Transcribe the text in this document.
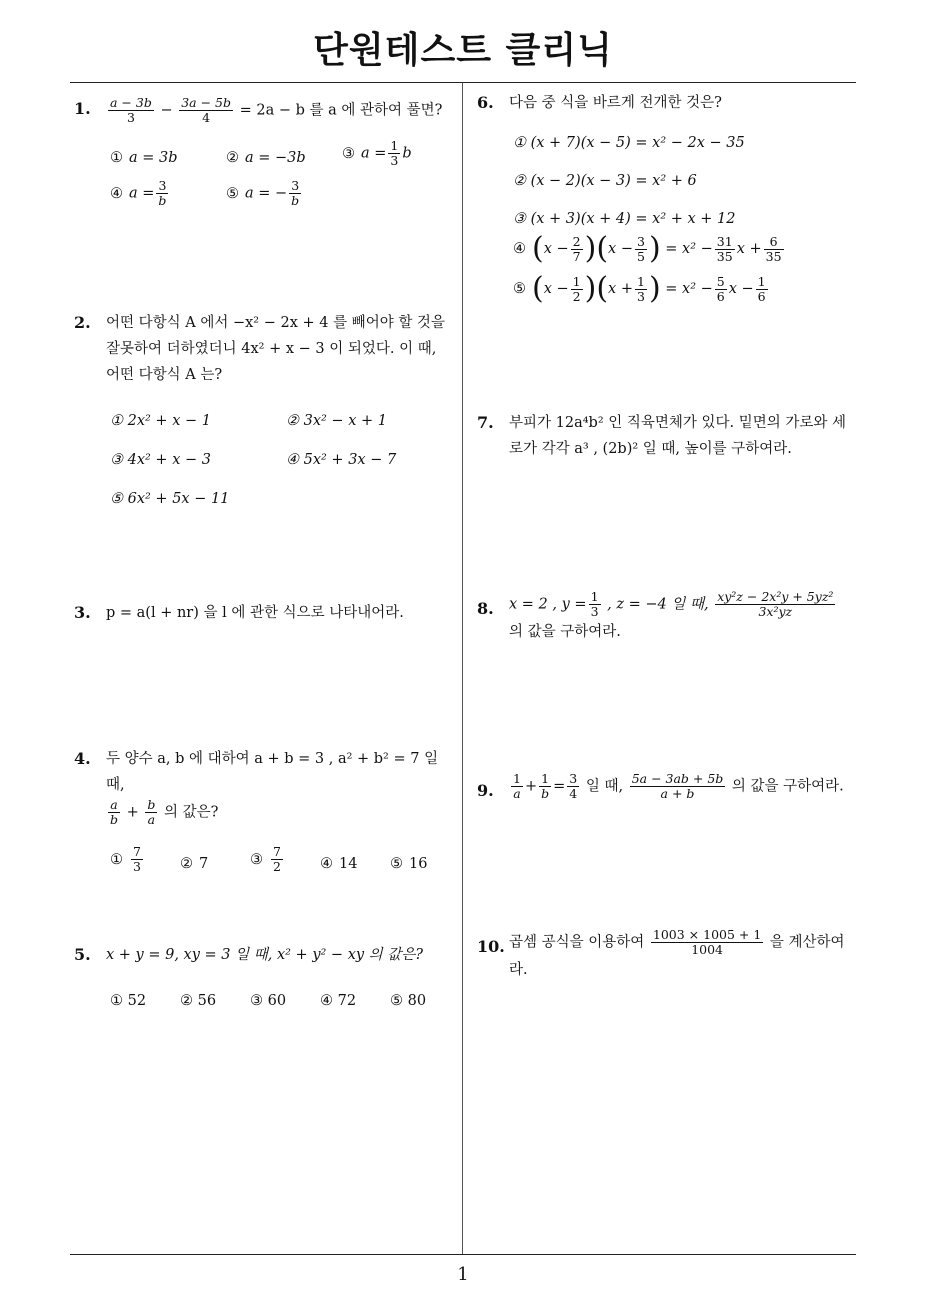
단원테스트 클리닉
1. $\frac{a - 3b}{3} - \frac{3a - 5b}{4} = 2a - b$ 를 a 에 관하여 풀면?
① a = 3b	② a = −3b	③ $a = \frac{1}{3}$ b
④ $a = \frac{3}{b}$	⑤ a = − $\frac{3}{b}$
2. 어떤 다항식 A 에서 −x² − 2x + 4 를 빼어야 할 것을
잘못하여 더하였더니 4x² + x − 3 이 되었다. 이 때,
어떤 다항식 A 는?
① 2x² + x − 1	② 3x² − x + 1
③ 4x² + x − 3	④ 5x² + 3x − 7
⑤ 6x² + 5x − 11
3. p = a(l + nr) 을 l 에 관한 식으로 나타내어라.
4. 두 양수 a, b 에 대하여 a + b = 3 , a² + b² = 7 일 때,
$\frac{a}{b} + \frac{b}{a}$ 의 값은?
① $\frac{7}{3}$	② 7	③ $\frac{7}{2}$	④ 14 ⑤ 16
5. x + y = 9, xy = 3 일 때, x² + y² − xy 의 값은?
① 52 ② 56 ③ 60 ④ 72 ⑤ 80
6. 다음 중 식을 바르게 전개한 것은?
① (x + 7)(x − 5) = x² − 2x − 35
② (x − 2)(x − 3) = x² + 6
③ (x + 3)(x + 4) = x² + x + 12
④ $(x - \frac{2}{7} )(x - \frac{3}{5}$ ) = $x^2 - \frac{31}{35}$ $x + \frac{6}{35}$
⑤ $(x - \frac{1}{2} )(x + \frac{1}{3}$ ) = $x^2 - \frac{5}{6}$ $x - \frac{1}{6}$
7. 부피가 12a⁴b² 인 직육면체가 있다. 밑면의 가로와 세
로가 각각 a³ , (2b)² 일 때, 높이를 구하여라.
8. x = 2 , $y = \frac{1}{3}$ , z = −4 일 때, $\frac{\text{xy²z − 2x²y + 5yz²}}{\text{3x²yz}}$
의 값을 구하여라.
9. $\frac{1}{a} + \frac{1}{b} = \frac{3}{4}$ 일 때, $\frac{5a - 3ab + 5b}{a + b}$ 의 값을 구하여라.
10. 곱셈 공식을 이용하여 $\frac{1003 \times 1005 + 1}{1004}$ 을 계산하여
라.
1
